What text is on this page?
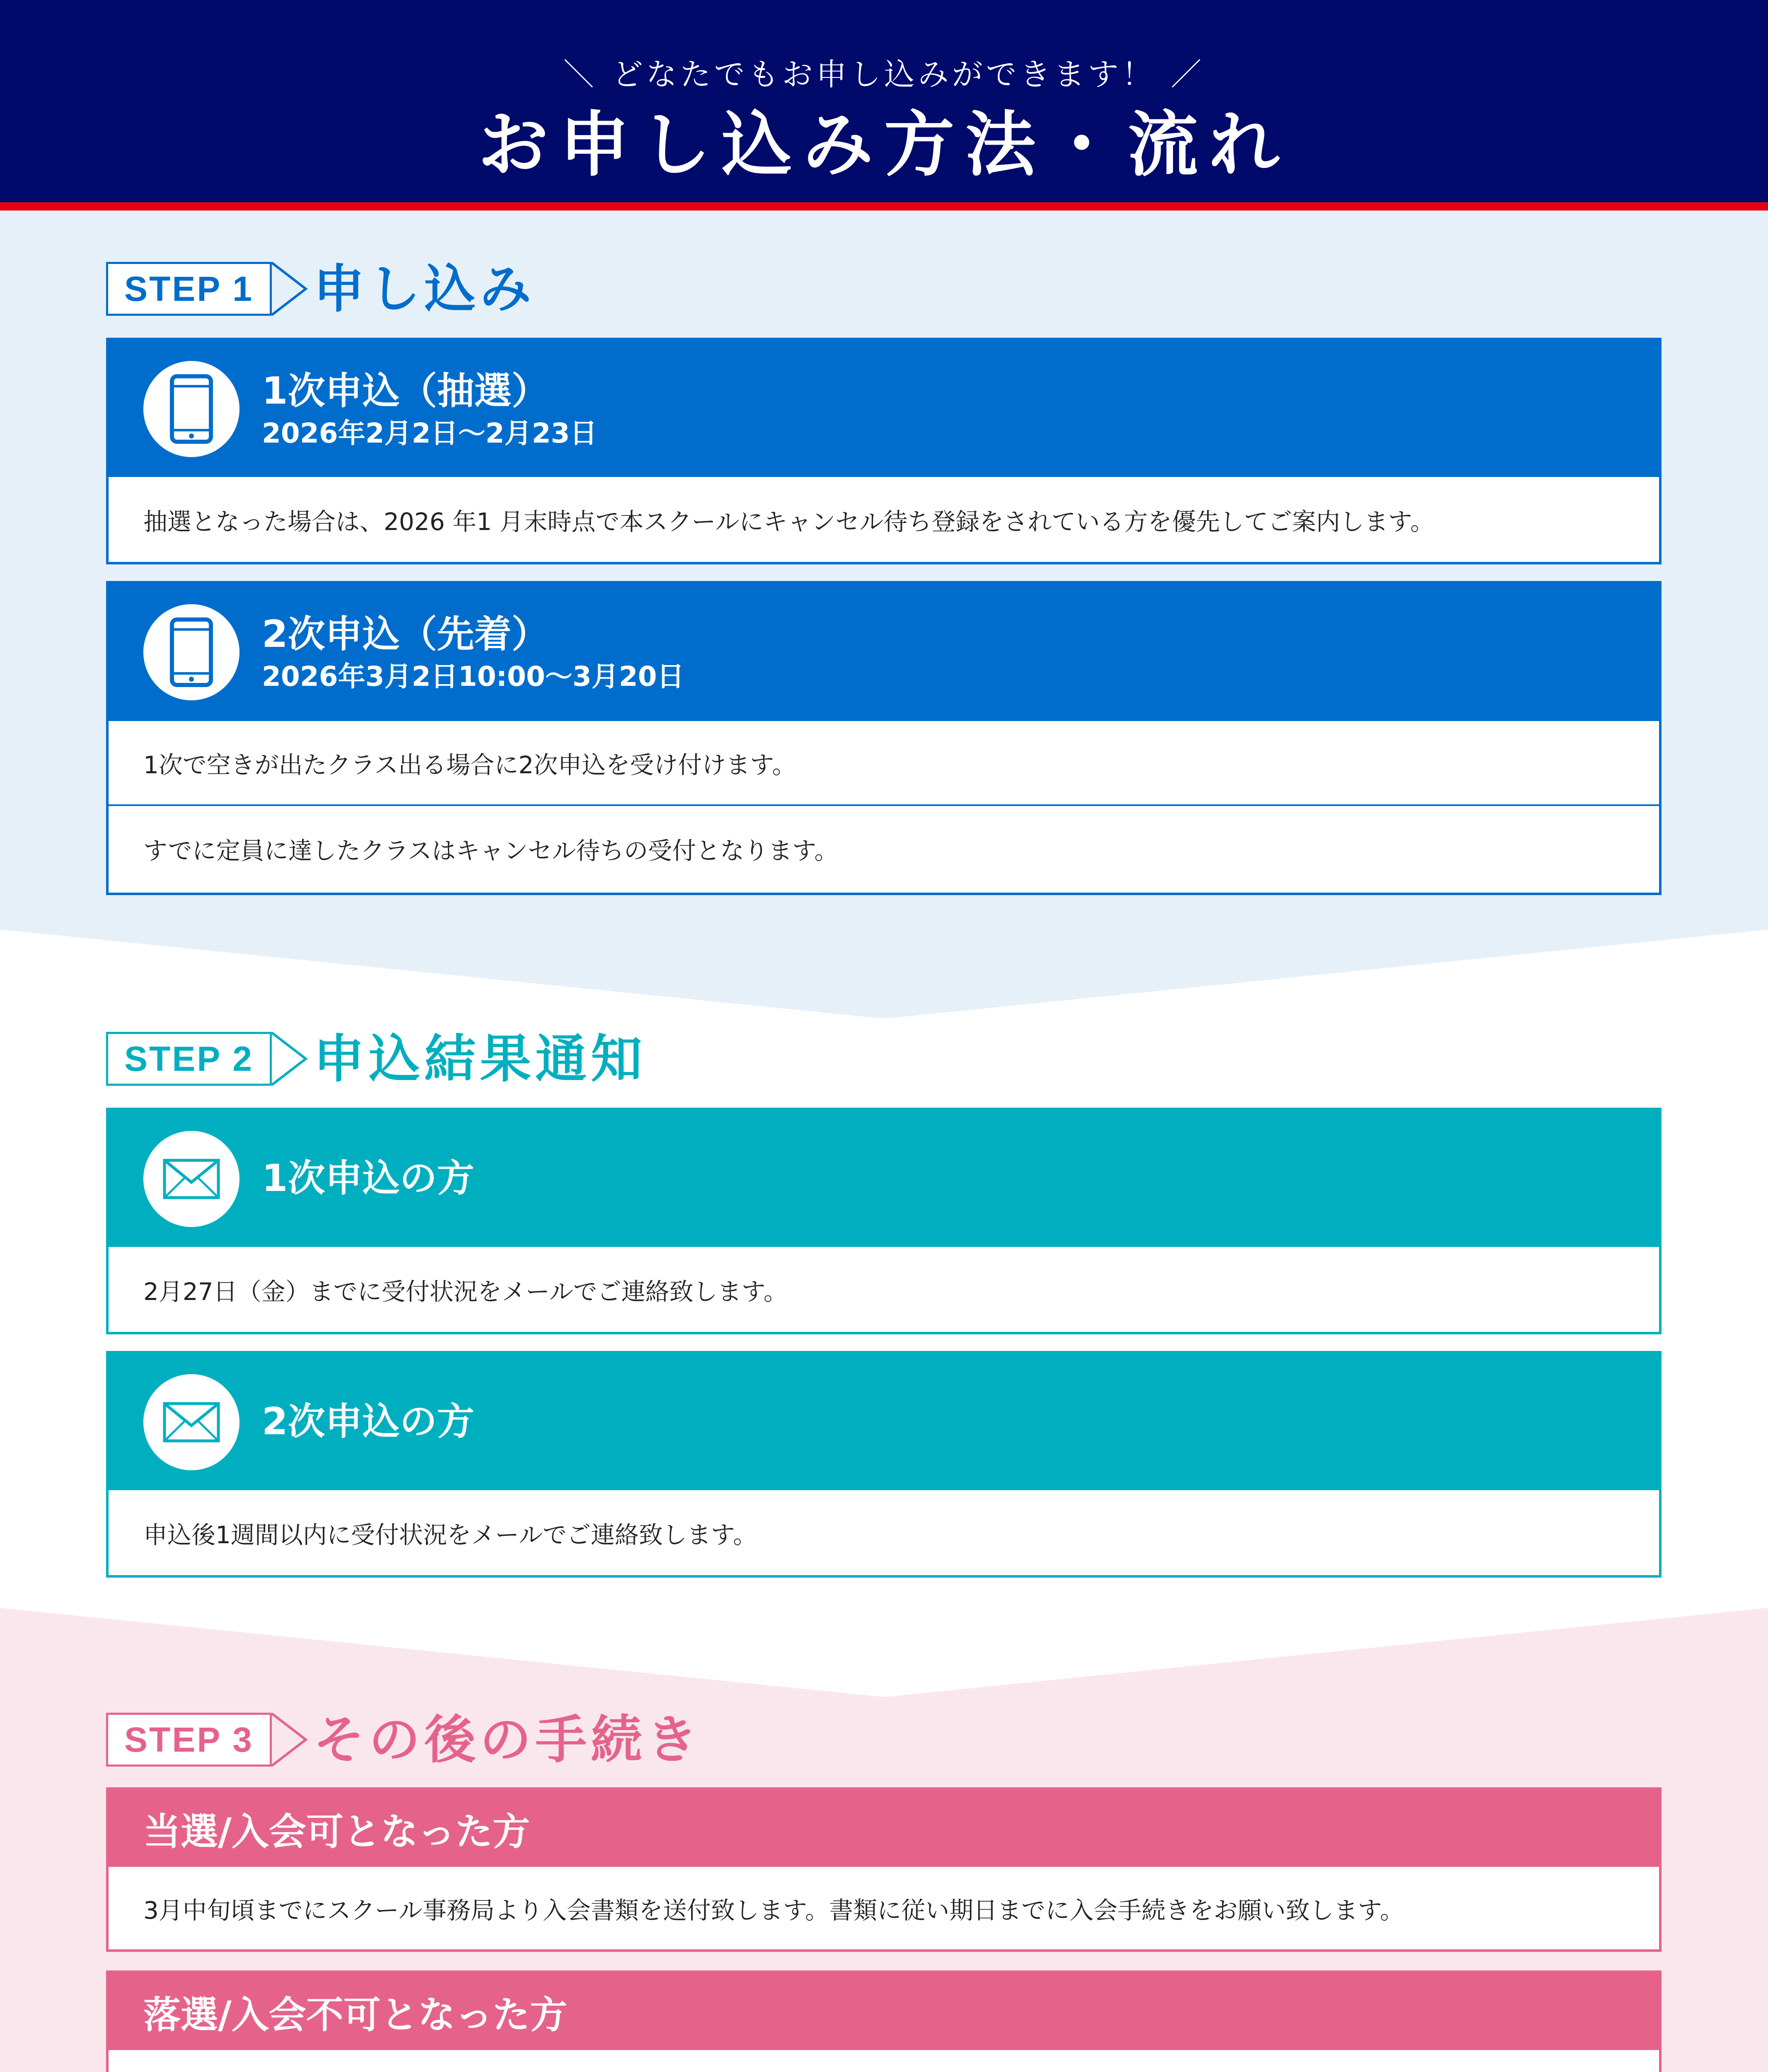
＼ どなたでもお申し込みができます！ ／
お申し込み方法・流れ
STEP 1	申し込み
1次申込（抽選）
2026年2月2日〜2月23日
抽選となった場合は、2026 年1 月末時点で本スクールにキャンセル待ち登録をされている方を優先してご案内します。
2次申込（先着）
2026年3月2日10:00〜3月20日
1次で空きが出たクラス出る場合に2次申込を受け付けます。
すでに定員に達したクラスはキャンセル待ちの受付となります。
STEP 2	申込結果通知
1次申込の方
2月27日（金）までに受付状況をメールでご連絡致します。
2次申込の方
申込後1週間以内に受付状況をメールでご連絡致します。
STEP 3	その後の手続き
当選/入会可となった方
3月中旬頃までにスクール事務局より入会書類を送付致します。書類に従い期日までに入会手続きをお願い致します。
落選/入会不可となった方
